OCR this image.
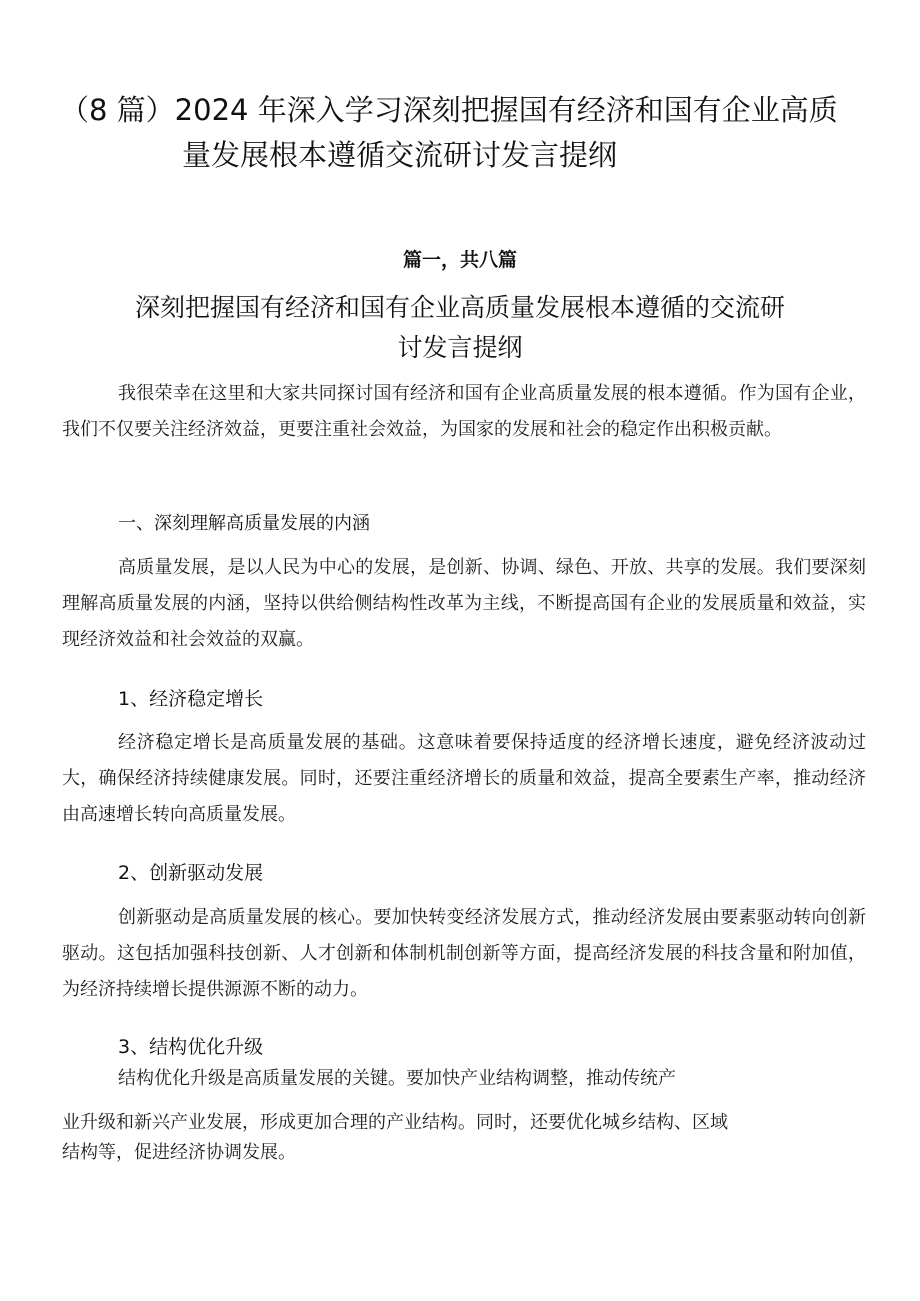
（8 篇）2024 年深入学习深刻把握国有经济和国有企业高质
量发展根本遵循交流研讨发言提纲
篇一，共八篇
深刻把握国有经济和国有企业高质量发展根本遵循的交流研
讨发言提纲

我很荣幸在这里和大家共同探讨国有经济和国有企业高质量发展的根本遵循。作为国有企业，我们不仅要关注经济效益，更要注重社会效益，为国家的发展和社会的稳定作出积极贡献。

一、深刻理解高质量发展的内涵

高质量发展，是以人民为中心的发展，是创新、协调、绿色、开放、共享的发展。我们要深刻理解高质量发展的内涵，坚持以供给侧结构性改革为主线，不断提高国有企业的发展质量和效益，实现经济效益和社会效益的双赢。

1、经济稳定增长

经济稳定增长是高质量发展的基础。这意味着要保持适度的经济增长速度，避免经济波动过大，确保经济持续健康发展。同时，还要注重经济增长的质量和效益，提高全要素生产率，推动经济由高速增长转向高质量发展。

2、创新驱动发展

创新驱动是高质量发展的核心。要加快转变经济发展方式，推动经济发展由要素驱动转向创新驱动。这包括加强科技创新、人才创新和体制机制创新等方面，提高经济发展的科技含量和附加值，为经济持续增长提供源源不断的动力。

3、结构优化升级

结构优化升级是高质量发展的关键。要加快产业结构调整，推动传统产

业升级和新兴产业发展，形成更加合理的产业结构。同时，还要优化城乡结构、区域

结构等，促进经济协调发展。
